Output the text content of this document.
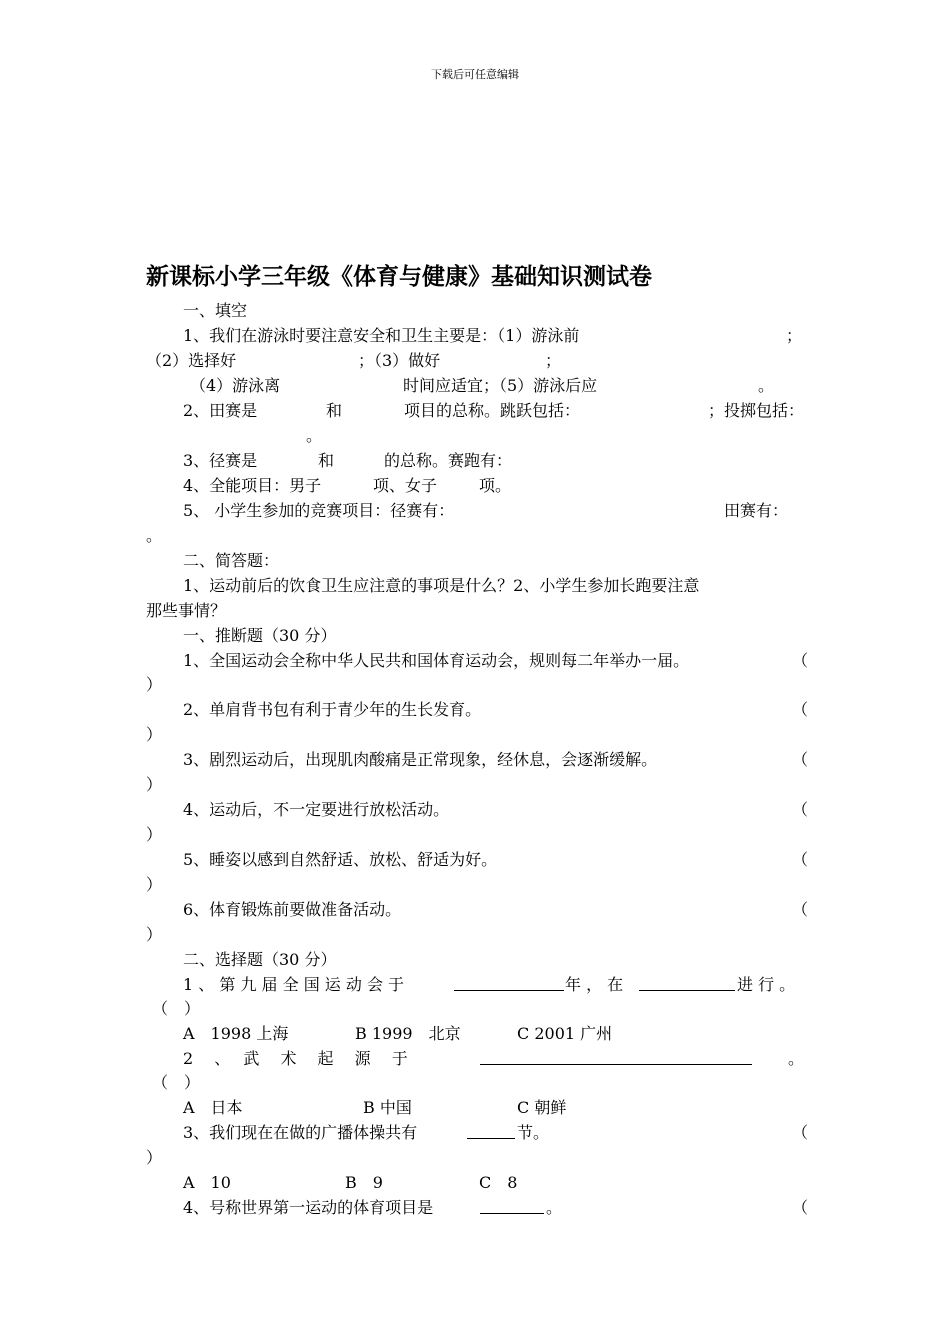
下载后可任意编辑
新课标小学三年级《体育与健康》基础知识测试卷
一、填空
1、我们在游泳时要注意安全和卫生主要是：（1）游泳前	；
（2）选择好	；（3）做好	；
（4）游泳离	时间应适宜；（5）游泳后应	。
2、田赛是	和	项目的总称。跳跃包括：	；投掷包括：
。
3、径赛是	和	的总称。赛跑有：
4、全能项目：男子	项、女子	项。
5、 小学生参加的竞赛项目：径赛有：	田赛有：
。
二、简答题：
1、运动前后的饮食卫生应注意的事项是什么？2、小学生参加长跑要注意
那些事情？
一、推断题（30 分）
1、全国运动会全称中华人民共和国体育运动会，规则每二年举办一届。	（
）
2、单肩背书包有利于青少年的生长发育。	（
）
3、剧烈运动后，出现肌肉酸痛是正常现象，经休息，会逐渐缓解。	（
）
4、运动后，不一定要进行放松活动。	（
）
5、睡姿以感到自然舒适、放松、舒适为好。	（
）
6、体育锻炼前要做准备活动。	（
）
二、选择题（30 分）
1 、 第 九 届 全 国 运 动 会 于	年 ， 在	进 行 。
（　）
A　1998 上海	B 1999　北京	C 2001 广州
2　 、　 武　 术　 起　 源　 于	。
（　）
A　日本	B 中国	C 朝鲜
3、我们现在在做的广播体操共有	节。	（
）
A　10	B　9	C　8
4、号称世界第一运动的体育项目是	。	（
